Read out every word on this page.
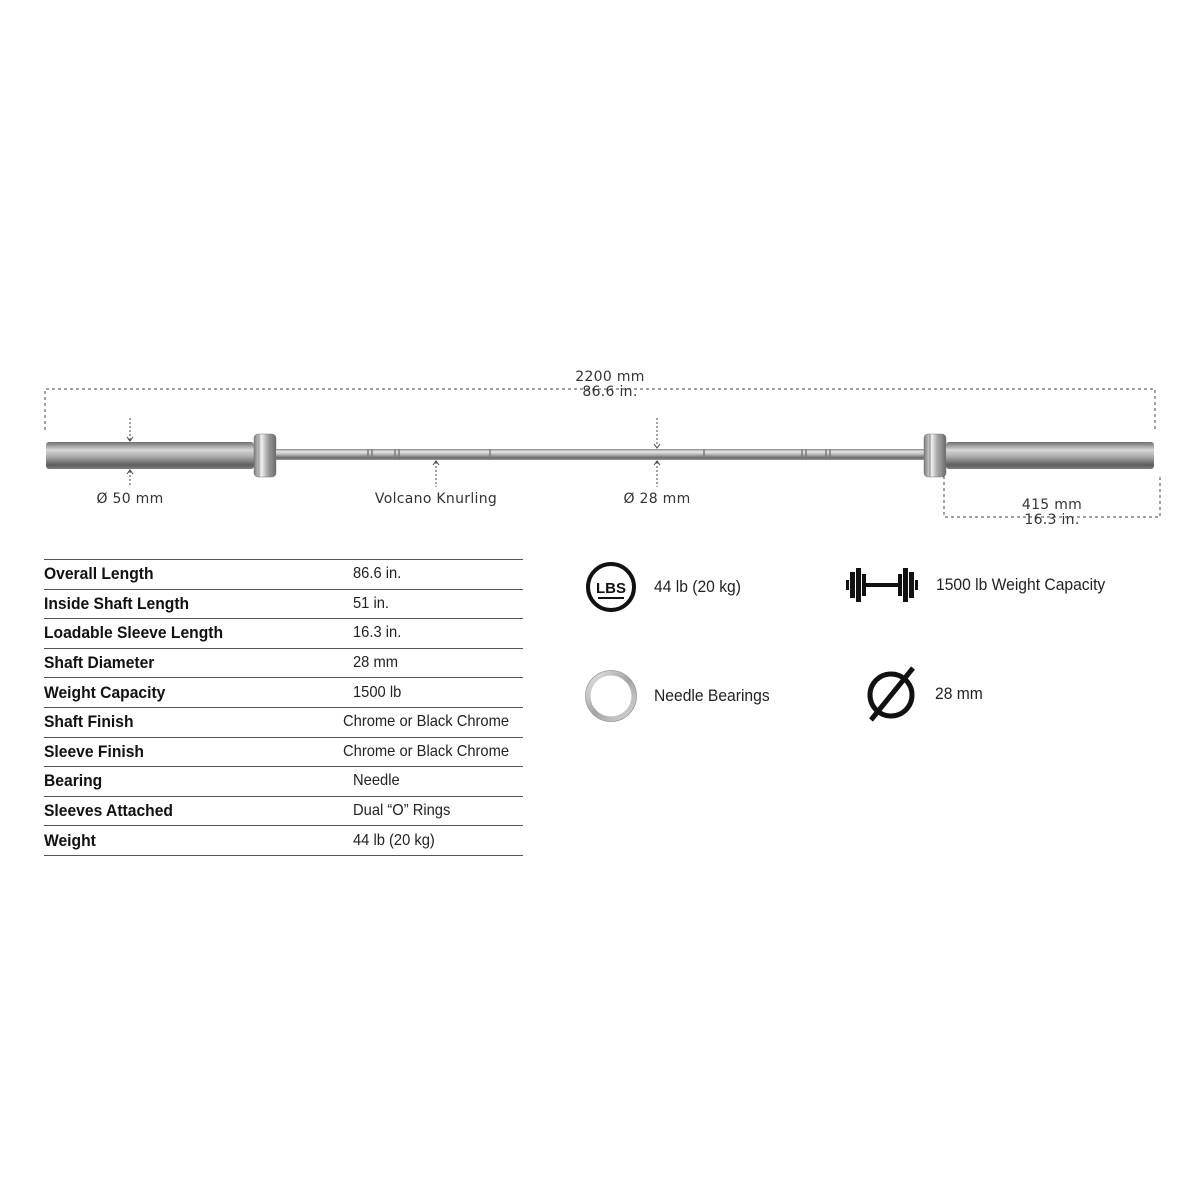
2200 mm
86.6 in.
Ø 50 mm	Volcano Knurling	Ø 28 mm	415 mm
16.3 in.
Overall Length	86.6 in.
Inside Shaft Length	51 in.
Loadable Sleeve Length	16.3 in.
Shaft Diameter	28 mm
Weight Capacity	1500 lb
Shaft Finish	Chrome or Black Chrome
Sleeve Finish	Chrome or Black Chrome
Bearing	Needle
Sleeves Attached	Dual “O” Rings
Weight	44 lb (20 kg)
LBS 44 lb (20 kg)	1500 lb Weight Capacity
Needle Bearings	28 mm
